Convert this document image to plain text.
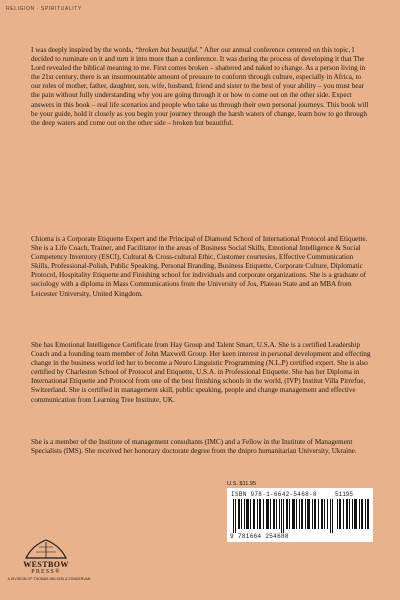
RELIGION · SPIRITUALITY

I was deeply inspired by the words, “broken but beautiful.” After our annual conference centered on this topic, I decided to ruminate on it and turn it into more than a conference. It was during the process of developing it that The Lord revealed the biblical meaning to me. First comes broken – shattered and naked to change. As a person living in the 21st century, there is an insurmountable amount of pressure to conform through culture, especially in Africa, to our roles of mother, father, daughter, son, wife, husband, friend and sister to the best of your ability – you must bear the pain without fully understanding why you are going through it or how to come out on the other side. Expect answers in this book – real life scenarios and people who take us through their own personal journeys. This book will be your guide, hold it closely as you begin your journey through the harsh waters of change, learn how to go through the deep waters and come out on the other side – broken but beautiful.

Chioma is a Corporate Etiquette Expert and the Principal of Diamond School of International Protocol and Etiquette. She is a Life Coach, Trainer, and Facilitator in the areas of Business Social Skills, Emotional Intelligence & Social Competency Inventory (ESCI), Cultural & Cross-cultural Ethic, Customer courtesies, Effective Communication Skills, Professional-Polish, Public Speaking, Personal Branding, Business Etiquette, Corporate Culture, Diplomatic Protocol, Hospitality Etiquette and Finishing school for individuals and corporate organizations. She is a graduate of sociology with a diploma in Mass Communications from the University of Jos, Plateau State and an MBA from Leicester University, United Kingdom.

She has Emotional Intelligence Certificate from Hay Group and Talent Smart, U.S.A. She is a certified Leadership Coach and a founding team member of John Maxwell Group. Her keen interest in personal development and effecting change in the business world led her to become a Neuro Linguistic Programming (N.L.P) certified expert. She is also certified by Charleston School of Protocol and Etiquette, U.S.A. in Professional Etiquette. She has her Diploma in International Etiquette and Protocol from one of the best finishing schools in the world, (IVP) Institut Villa Pirrefue, Switzerland. She is certified in management skill, public speaking, people and change management and effective communication from Learning Tree Institute, UK.

She is a member of the Institute of management consultants (IMC) and a Fellow in the Institute of Management Specialists (IMS). She received her honorary doctorate degree from the dnipro humanitarian University, Ukraine.

U.S. $11.95
ISBN 978-1-6642-5468-8	51195
9 781664 254688
WESTBOW
PRESS®
A DIVISION OF THOMAS NELSON & ZONDERVAN
